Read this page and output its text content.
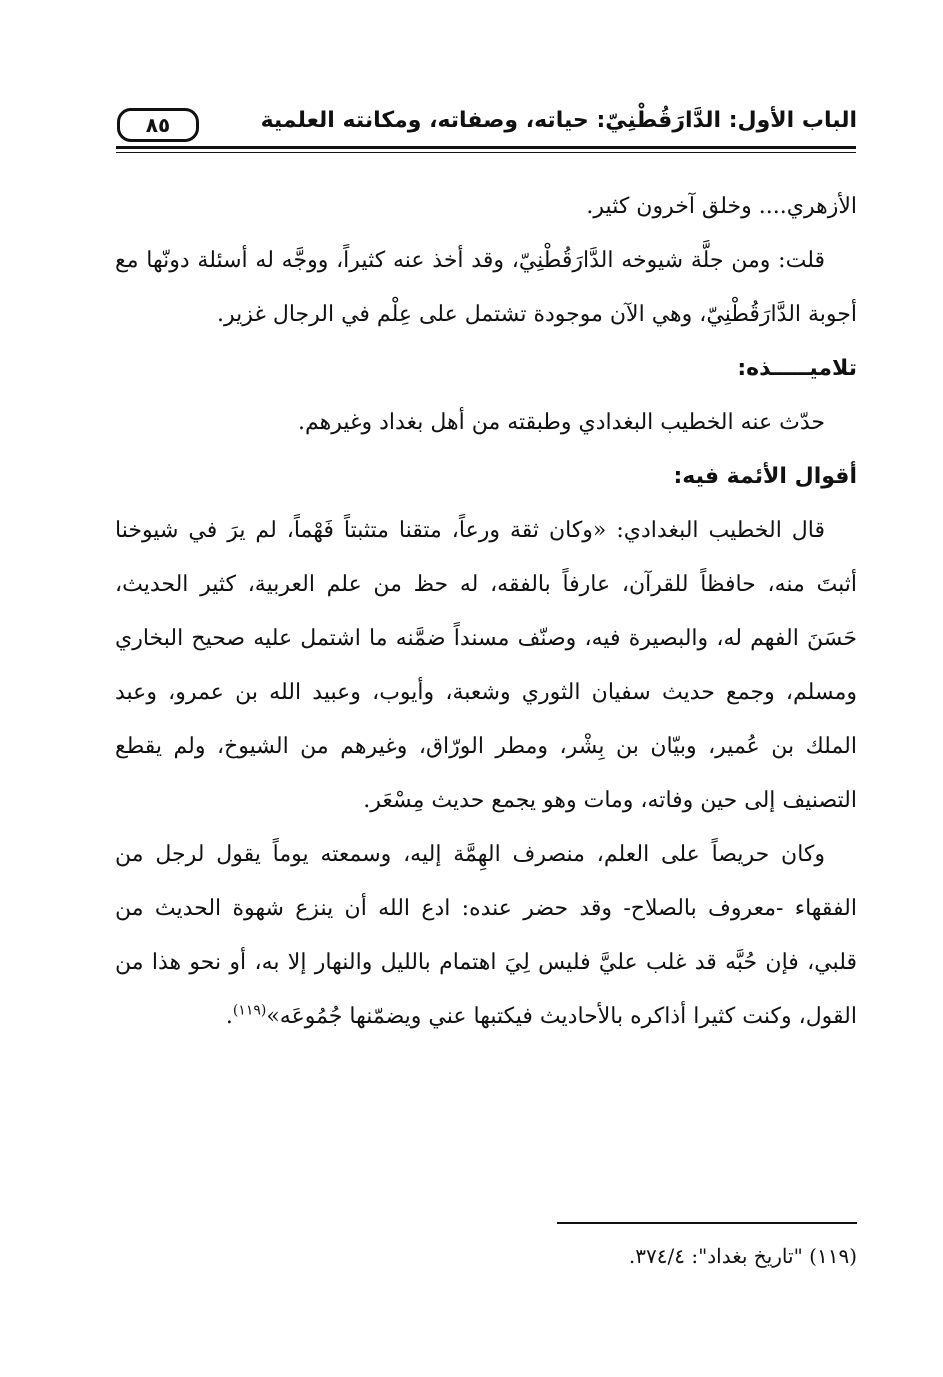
الباب الأول: الدَّارَقُطْنِيّ: حياته، وصفاته، ومكانته العلمية
٨٥

الأزهري.... وخلق آخرون كثير.

قلت: ومن جلَّة شيوخه الدَّارَقُطْنِيّ، وقد أخذ عنه كثيراً، ووجَّه له أسئلة دونّها مع أجوبة الدَّارَقُطْنِيّ، وهي الآن موجودة تشتمل على عِلْم في الرجال غزير.

تلاميـــــذه:

حدّث عنه الخطيب البغدادي وطبقته من أهل بغداد وغيرهم.

أقوال الأئمة فيه:

قال الخطيب البغدادي: «وكان ثقة ورعاً، متقنا متثبتاً فَهْماً، لم يرَ في شيوخنا أثبتَ منه، حافظاً للقرآن، عارفاً بالفقه، له حظ من علم العربية، كثير الحديث، حَسَنَ الفهم له، والبصيرة فيه، وصنّف مسنداً ضمَّنه ما اشتمل عليه صحيح البخاري ومسلم، وجمع حديث سفيان الثوري وشعبة، وأيوب، وعبيد الله بن عمرو، وعبد الملك بن عُمير، وبيّان بن بِشْر، ومطر الورّاق، وغيرهم من الشيوخ، ولم يقطع التصنيف إلى حين وفاته، ومات وهو يجمع حديث مِسْعَر.

وكان حريصاً على العلم، منصرف الهِمَّة إليه، وسمعته يوماً يقول لرجل من الفقهاء -معروف بالصلاح- وقد حضر عنده: ادع الله أن ينزع شهوة الحديث من قلبي، فإن حُبَّه قد غلب عليَّ فليس لِيَ اهتمام بالليل والنهار إلا به، أو نحو هذا من القول، وكنت كثيرا أذاكره بالأحاديث فيكتبها عني ويضمّنها جُمُوعَه»$^{(١١٩)}$.

(١١٩) "تاريخ بغداد": ٣٧٤/٤.
